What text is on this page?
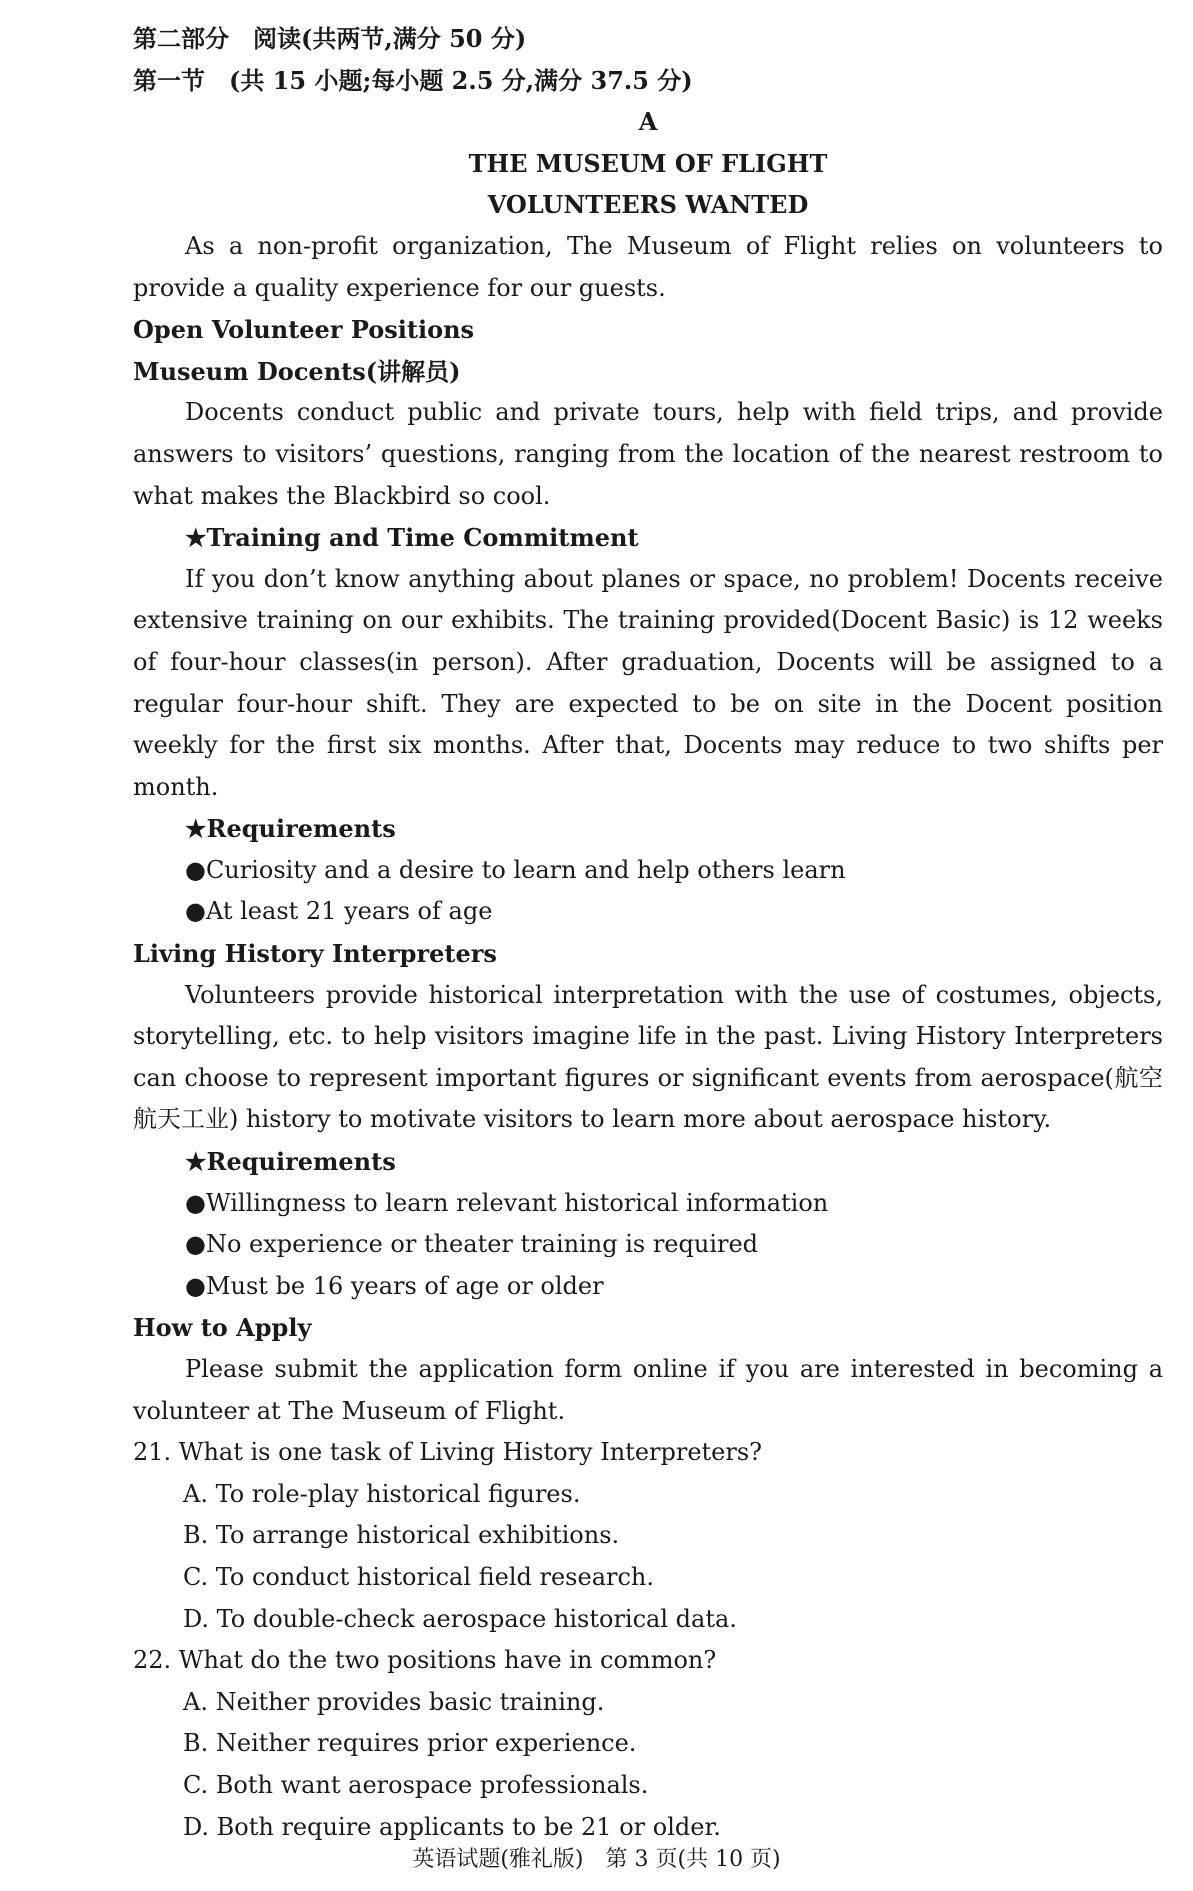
第二部分　阅读(共两节,满分 50 分)
第一节　(共 15 小题;每小题 2.5 分,满分 37.5 分)
A
THE MUSEUM OF FLIGHT
VOLUNTEERS WANTED
As a non-profit organization, The Museum of Flight relies on volunteers to provide a quality experience for our guests.
Open Volunteer Positions
Museum Docents(讲解员)
Docents conduct public and private tours, help with field trips, and provide answers to visitors’ questions, ranging from the location of the nearest restroom to what makes the Blackbird so cool.
★Training and Time Commitment
If you don’t know anything about planes or space, no problem! Docents receive extensive training on our exhibits. The training provided(Docent Basic) is 12 weeks of four-hour classes(in person). After graduation, Docents will be assigned to a regular four-hour shift. They are expected to be on site in the Docent position weekly for the first six months. After that, Docents may reduce to two shifts per month.
★Requirements
●Curiosity and a desire to learn and help others learn
●At least 21 years of age
Living History Interpreters
Volunteers provide historical interpretation with the use of costumes, objects, storytelling, etc. to help visitors imagine life in the past. Living History Interpreters can choose to represent important figures or significant events from aerospace(航空航天工业) history to motivate visitors to learn more about aerospace history.
★Requirements
●Willingness to learn relevant historical information
●No experience or theater training is required
●Must be 16 years of age or older
How to Apply
Please submit the application form online if you are interested in becoming a volunteer at The Museum of Flight.
21. What is one task of Living History Interpreters?
A. To role-play historical figures.
B. To arrange historical exhibitions.
C. To conduct historical field research.
D. To double-check aerospace historical data.
22. What do the two positions have in common?
A. Neither provides basic training.
B. Neither requires prior experience.
C. Both want aerospace professionals.
D. Both require applicants to be 21 or older.
英语试题(雅礼版)　第 3 页(共 10 页)
